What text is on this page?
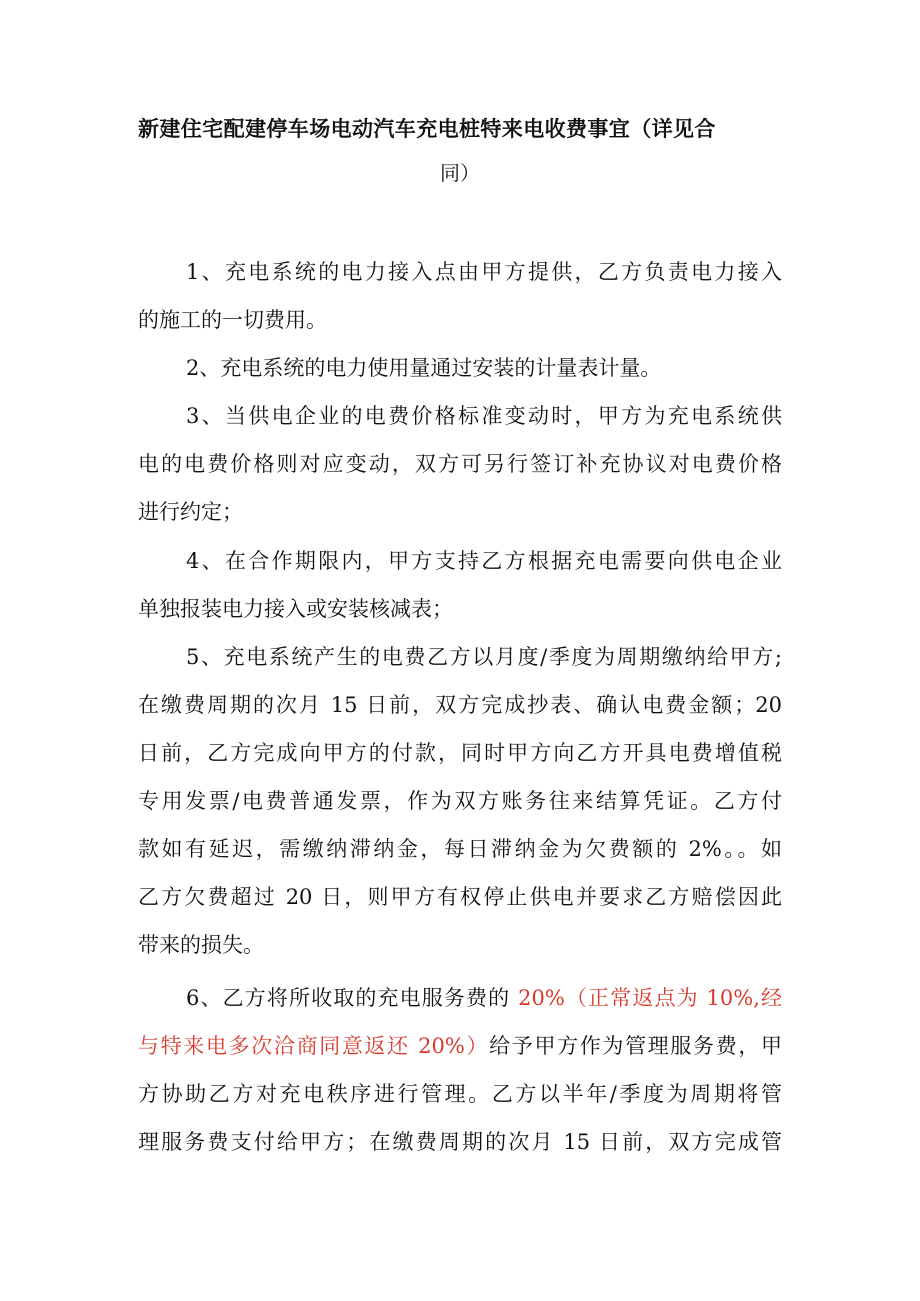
新建住宅配建停车场电动汽车充电桩特来电收费事宜（详见合
同）
1、充电系统的电力接入点由甲方提供，乙方负责电力接入
的施工的一切费用。
2、充电系统的电力使用量通过安装的计量表计量。
3、当供电企业的电费价格标准变动时，甲方为充电系统供
电的电费价格则对应变动，双方可另行签订补充协议对电费价格
进行约定；
4、在合作期限内，甲方支持乙方根据充电需要向供电企业
单独报装电力接入或安装核减表；
5、充电系统产生的电费乙方以月度/季度为周期缴纳给甲方;
在缴费周期的次月 15 日前，双方完成抄表、确认电费金额；20
日前，乙方完成向甲方的付款，同时甲方向乙方开具电费增值税
专用发票/电费普通发票，作为双方账务往来结算凭证。乙方付
款如有延迟，需缴纳滞纳金，每日滞纳金为欠费额的 2%。。如
乙方欠费超过 20 日，则甲方有权停止供电并要求乙方赔偿因此
带来的损失。
6、乙方将所收取的充电服务费的 20%（正常返点为 10%,经
与特来电多次洽商同意返还 20%）给予甲方作为管理服务费，甲
方协助乙方对充电秩序进行管理。乙方以半年/季度为周期将管
理服务费支付给甲方；在缴费周期的次月 15 日前，双方完成管
